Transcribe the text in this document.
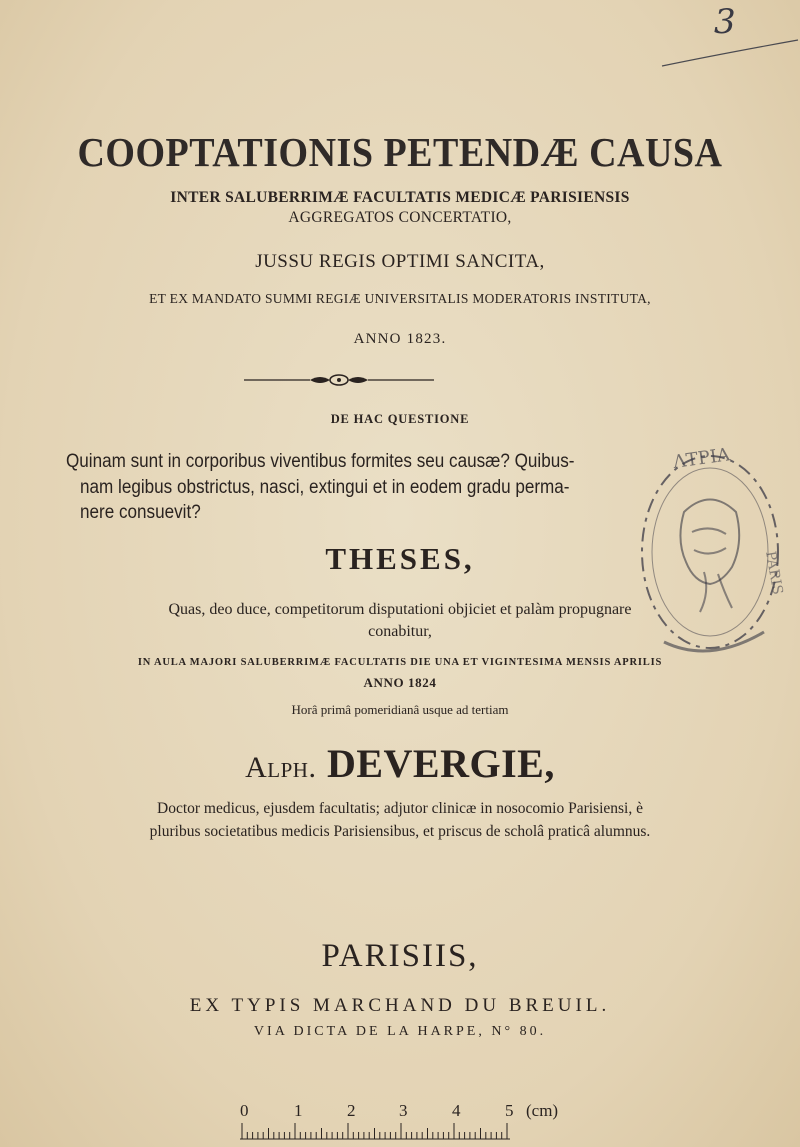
3
COOPTATIONIS PETENDÆ CAUSA
INTER SALUBERRIMÆ FACULTATIS MEDICÆ PARISIENSIS
AGGREGATOS CONCERTATIO,
JUSSU REGIS OPTIMI SANCITA,
ET EX MANDATO SUMMI REGIÆ UNIVERSITALIS MODERATORIS INSTITUTA,
ANNO 1823.
DE HAC QUESTIONE
Quinam sunt in corporibus viventibus formites seu causæ? Quibus-
nam legibus obstrictus, nasci, extingui et in eodem gradu perma-
nere consuevit?
THESES,
Quas, deo duce, competitorum disputationi objiciet et palàm propugnare
conabitur,
IN AULA MAJORI SALUBERRIMÆ FACULTATIS DIE UNA ET VIGINTESIMA MENSIS APRILIS
ANNO 1824
Horâ primâ pomeridianâ usque ad tertiam
Alph. DEVERGIE,
Doctor medicus, ejusdem facultatis; adjutor clinicæ in nosocomio Parisiensi, è
pluribus societatibus medicis Parisiensibus, et priscus de scholâ praticâ alumnus.
PARISIIS,
EX TYPIS MARCHAND DU BREUIL.
VIA DICTA DE LA HARPE, N° 80.
ΛΤΡΙΑ
PARIS
0	1	2	3	4	5 (cm)
